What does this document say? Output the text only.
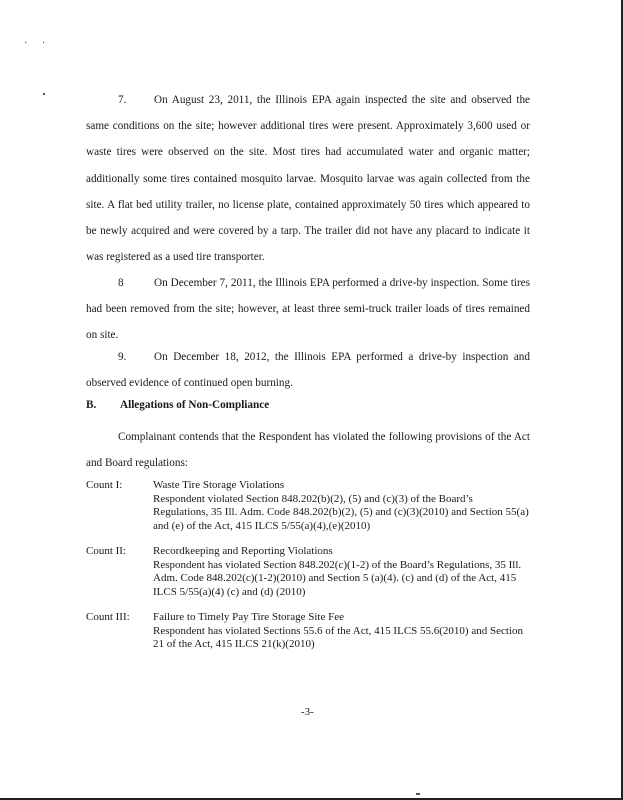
· ·

7. On August 23, 2011, the Illinois EPA again inspected the site and observed the same conditions on the site; however additional tires were present. Approximately 3,600 used or waste tires were observed on the site. Most tires had accumulated water and organic matter; additionally some tires contained mosquito larvae. Mosquito larvae was again collected from the site. A flat bed utility trailer, no license plate, contained approximately 50 tires which appeared to be newly acquired and were covered by a tarp. The trailer did not have any placard to indicate it was registered as a used tire transporter.

8	On December 7, 2011, the Illinois EPA performed a drive-by inspection. Some tires had been removed from the site; however, at least three semi-truck trailer loads of tires remained on site.

9. On December 18, 2012, the Illinois EPA performed a drive-by inspection and observed evidence of continued open burning.

B. Allegations of Non-Compliance

Complainant contends that the Respondent has violated the following provisions of the Act and Board regulations:

Count I:	Waste Tire Storage Violations
Respondent violated Section 848.202(b)(2), (5) and (c)(3) of the Board’s Regulations, 35 Ill. Adm. Code 848.202(b)(2), (5) and (c)(3)(2010) and Section 55(a) and (e) of the Act, 415 ILCS 5/55(a)(4),(e)(2010)
Count II:	Recordkeeping and Reporting Violations
Respondent has violated Section 848.202(c)(1-2) of the Board’s Regulations, 35 Ill. Adm. Code 848.202(c)(1-2)(2010) and Section 5 (a)(4). (c) and (d) of the Act, 415 ILCS 5/55(a)(4) (c) and (d) (2010)
Count III:	Failure to Timely Pay Tire Storage Site Fee
Respondent has violated Sections 55.6 of the Act, 415 ILCS 55.6(2010) and Section 21 of the Act, 415 ILCS 21(k)(2010)
-3-
